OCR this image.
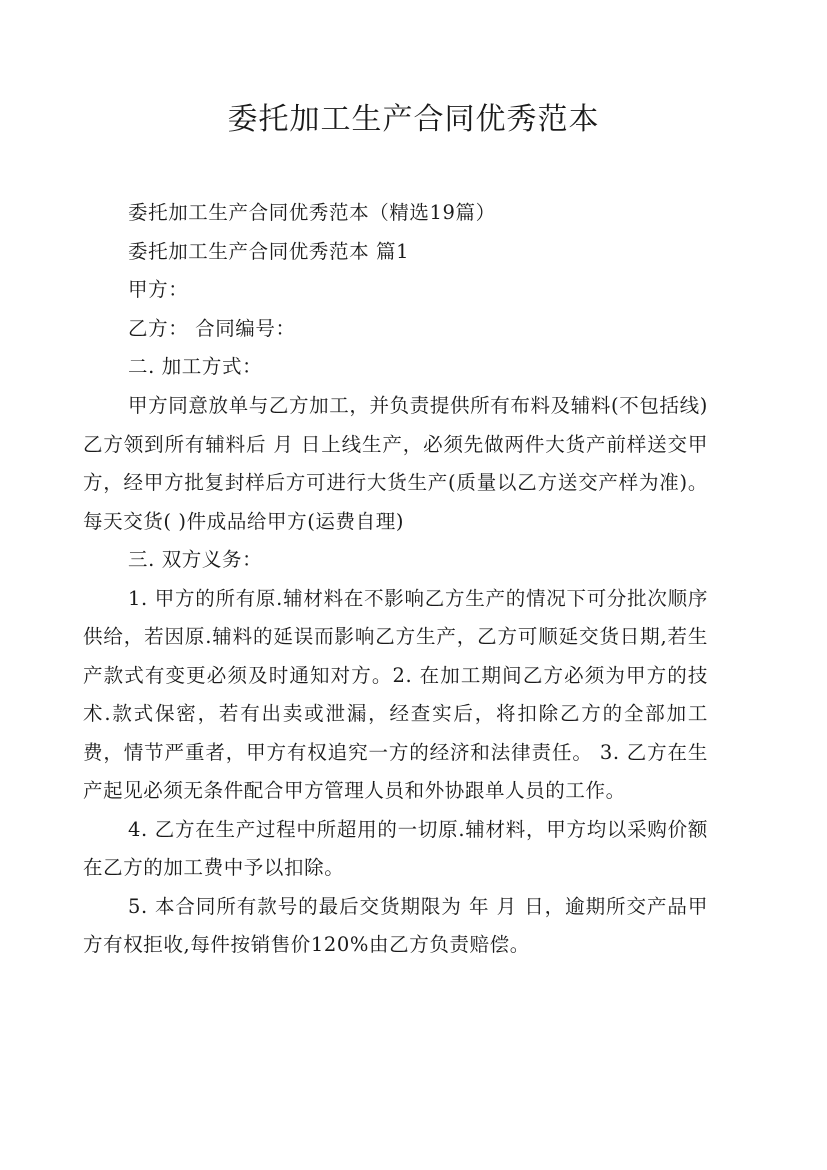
委托加工生产合同优秀范本

委托加工生产合同优秀范本（精选19篇）

委托加工生产合同优秀范本 篇1

甲方：

乙方： 合同编号：

二. 加工方式：

甲方同意放单与乙方加工，并负责提供所有布料及辅料(不包括线) 乙方领到所有辅料后 月 日上线生产，必须先做两件大货产前样送交甲方，经甲方批复封样后方可进行大货生产(质量以乙方送交产样为准)。每天交货( )件成品给甲方(运费自理)

三. 双方义务：

1. 甲方的所有原.辅材料在不影响乙方生产的情况下可分批次顺序供给，若因原.辅料的延误而影响乙方生产，乙方可顺延交货日期,若生产款式有变更必须及时通知对方。2. 在加工期间乙方必须为甲方的技术.款式保密，若有出卖或泄漏，经查实后，将扣除乙方的全部加工费，情节严重者，甲方有权追究一方的经济和法律责任。 3. 乙方在生产起见必须无条件配合甲方管理人员和外协跟单人员的工作。

4. 乙方在生产过程中所超用的一切原.辅材料，甲方均以采购价额在乙方的加工费中予以扣除。

5. 本合同所有款号的最后交货期限为 年 月 日，逾期所交产品甲方有权拒收,每件按销售价120%由乙方负责赔偿。
